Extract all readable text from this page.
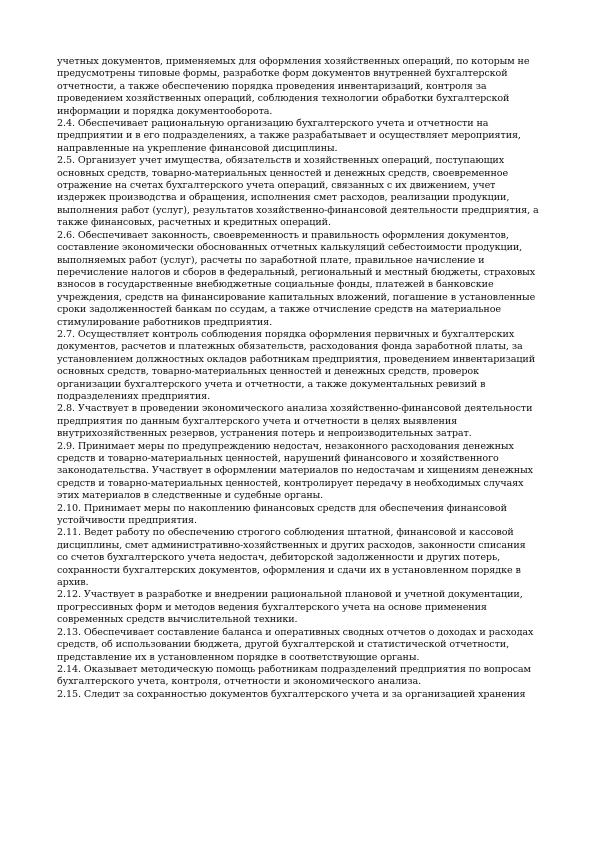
учетных документов, применяемых для оформления хозяйственных операций, по которым не предусмотрены типовые формы, разработке форм документов внутренней бухгалтерской отчетности, а также обеспечению порядка проведения инвентаризаций, контроля за проведением хозяйственных операций, соблюдения технологии обработки бухгалтерской информации и порядка документооборота.

2.4. Обеспечивает рациональную организацию бухгалтерского учета и отчетности на предприятии и в его подразделениях, а также разрабатывает и осуществляет мероприятия, направленные на укрепление финансовой дисциплины.

2.5. Организует учет имущества, обязательств и хозяйственных операций, поступающих основных средств, товарно-материальных ценностей и денежных средств, своевременное отражение на счетах бухгалтерского учета операций, связанных с их движением, учет издержек производства и обращения, исполнения смет расходов, реализации продукции, выполнения работ (услуг), результатов хозяйственно-финансовой деятельности предприятия, а также финансовых, расчетных и кредитных операций.

2.6. Обеспечивает законность, своевременность и правильность оформления документов, составление экономически обоснованных отчетных калькуляций себестоимости продукции, выполняемых работ (услуг), расчеты по заработной плате, правильное начисление и перечисление налогов и сборов в федеральный, региональный и местный бюджеты, страховых взносов в государственные внебюджетные социальные фонды, платежей в банковские учреждения, средств на финансирование капитальных вложений, погашение в установленные сроки задолженностей банкам по ссудам, а также отчисление средств на материальное стимулирование работников предприятия.

2.7. Осуществляет контроль соблюдения порядка оформления первичных и бухгалтерских документов, расчетов и платежных обязательств, расходования фонда заработной платы, за установлением должностных окладов работникам предприятия, проведением инвентаризаций основных средств, товарно-материальных ценностей и денежных средств, проверок организации бухгалтерского учета и отчетности, а также документальных ревизий в подразделениях предприятия.

2.8. Участвует в проведении экономического анализа хозяйственно-финансовой деятельности предприятия по данным бухгалтерского учета и отчетности в целях выявления внутрихозяйственных резервов, устранения потерь и непроизводительных затрат.

2.9. Принимает меры по предупреждению недостач, незаконного расходования денежных средств и товарно-материальных ценностей, нарушений финансового и хозяйственного законодательства. Участвует в оформлении материалов по недостачам и хищениям денежных средств и товарно-материальных ценностей, контролирует передачу в необходимых случаях этих материалов в следственные и судебные органы.

2.10. Принимает меры по накоплению финансовых средств для обеспечения финансовой устойчивости предприятия.

2.11. Ведет работу по обеспечению строгого соблюдения штатной, финансовой и кассовой дисциплины, смет административно-хозяйственных и других расходов, законности списания со счетов бухгалтерского учета недостач, дебиторской задолженности и других потерь, сохранности бухгалтерских документов, оформления и сдачи их в установленном порядке в архив.

2.12. Участвует в разработке и внедрении рациональной плановой и учетной документации, прогрессивных форм и методов ведения бухгалтерского учета на основе применения современных средств вычислительной техники.

2.13. Обеспечивает составление баланса и оперативных сводных отчетов о доходах и расходах средств, об использовании бюджета, другой бухгалтерской и статистической отчетности, представление их в установленном порядке в соответствующие органы.

2.14. Оказывает методическую помощь работникам подразделений предприятия по вопросам бухгалтерского учета, контроля, отчетности и экономического анализа.

2.15. Следит за сохранностью документов бухгалтерского учета и за организацией хранения
